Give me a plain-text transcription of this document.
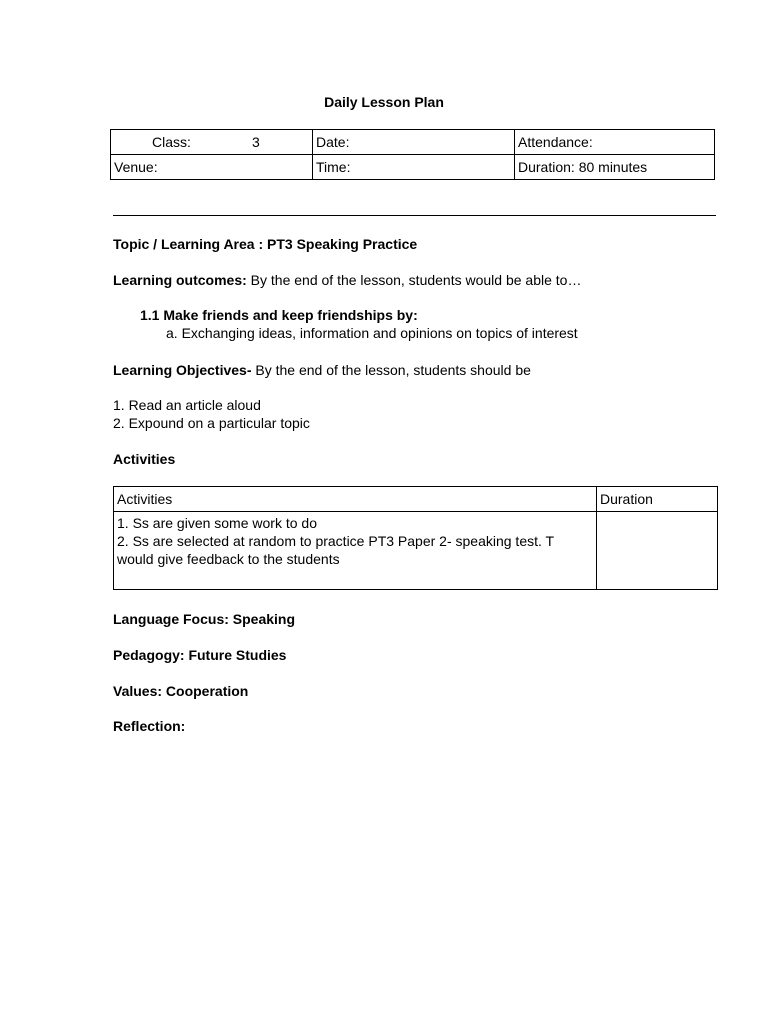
Daily Lesson Plan
Class: 3	Date:	Attendance:
Venue:	Time:	Duration: 80 minutes
Topic / Learning Area : PT3 Speaking Practice
Learning outcomes: By the end of the lesson, students would be able to…
1.1 Make friends and keep friendships by:
a. Exchanging ideas, information and opinions on topics of interest
Learning Objectives- By the end of the lesson, students should be
1. Read an article aloud
2. Expound on a particular topic
Activities
Activities	Duration

1. Ss are given some work to do
2. Ss are selected at random to practice PT3 Paper 2- speaking test. T
would give feedback to the students	

Language Focus: Speaking
Pedagogy: Future Studies
Values: Cooperation
Reflection:
